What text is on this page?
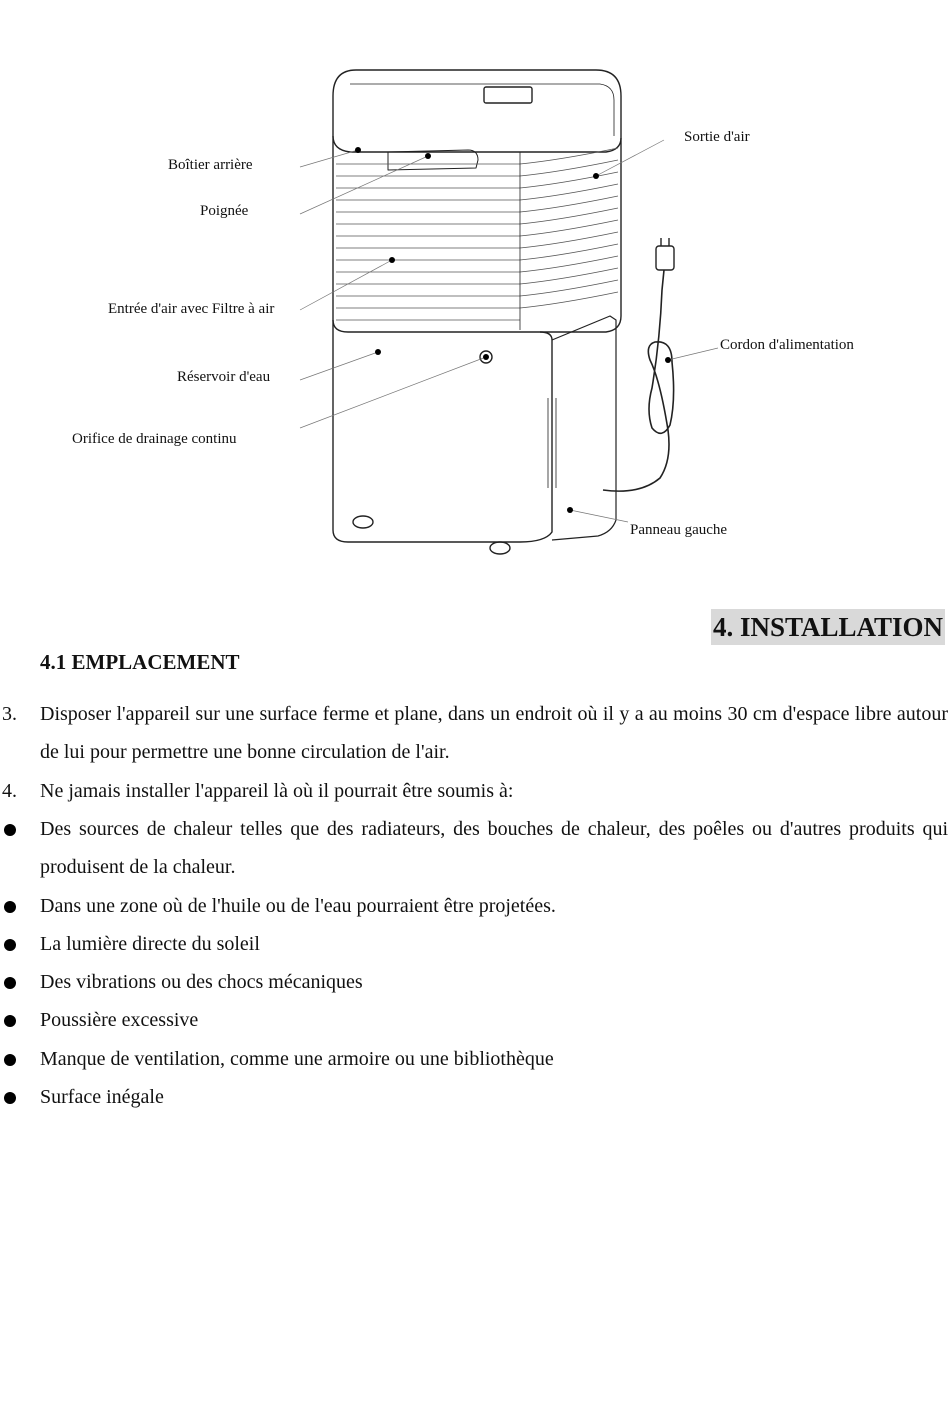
Boîtier arrière
Poignée
Entrée d'air avec Filtre à air
Réservoir d'eau
Orifice de drainage continu
Sortie d'air
Cordon d'alimentation
Panneau gauche
4. INSTALLATION
4.1 EMPLACEMENT
3. Disposer l'appareil sur une surface ferme et plane, dans un endroit où il y a au moins 30 cm d'espace libre autour de lui pour permettre une bonne circulation de l'air.
4. Ne jamais installer l'appareil là où il pourrait être soumis à:
Des sources de chaleur telles que des radiateurs, des bouches de chaleur, des poêles ou d'autres produits qui produisent de la chaleur.
Dans une zone où de l'huile ou de l'eau pourraient être projetées.
La lumière directe du soleil
Des vibrations ou des chocs mécaniques
Poussière excessive
Manque de ventilation, comme une armoire ou une bibliothèque
Surface inégale
